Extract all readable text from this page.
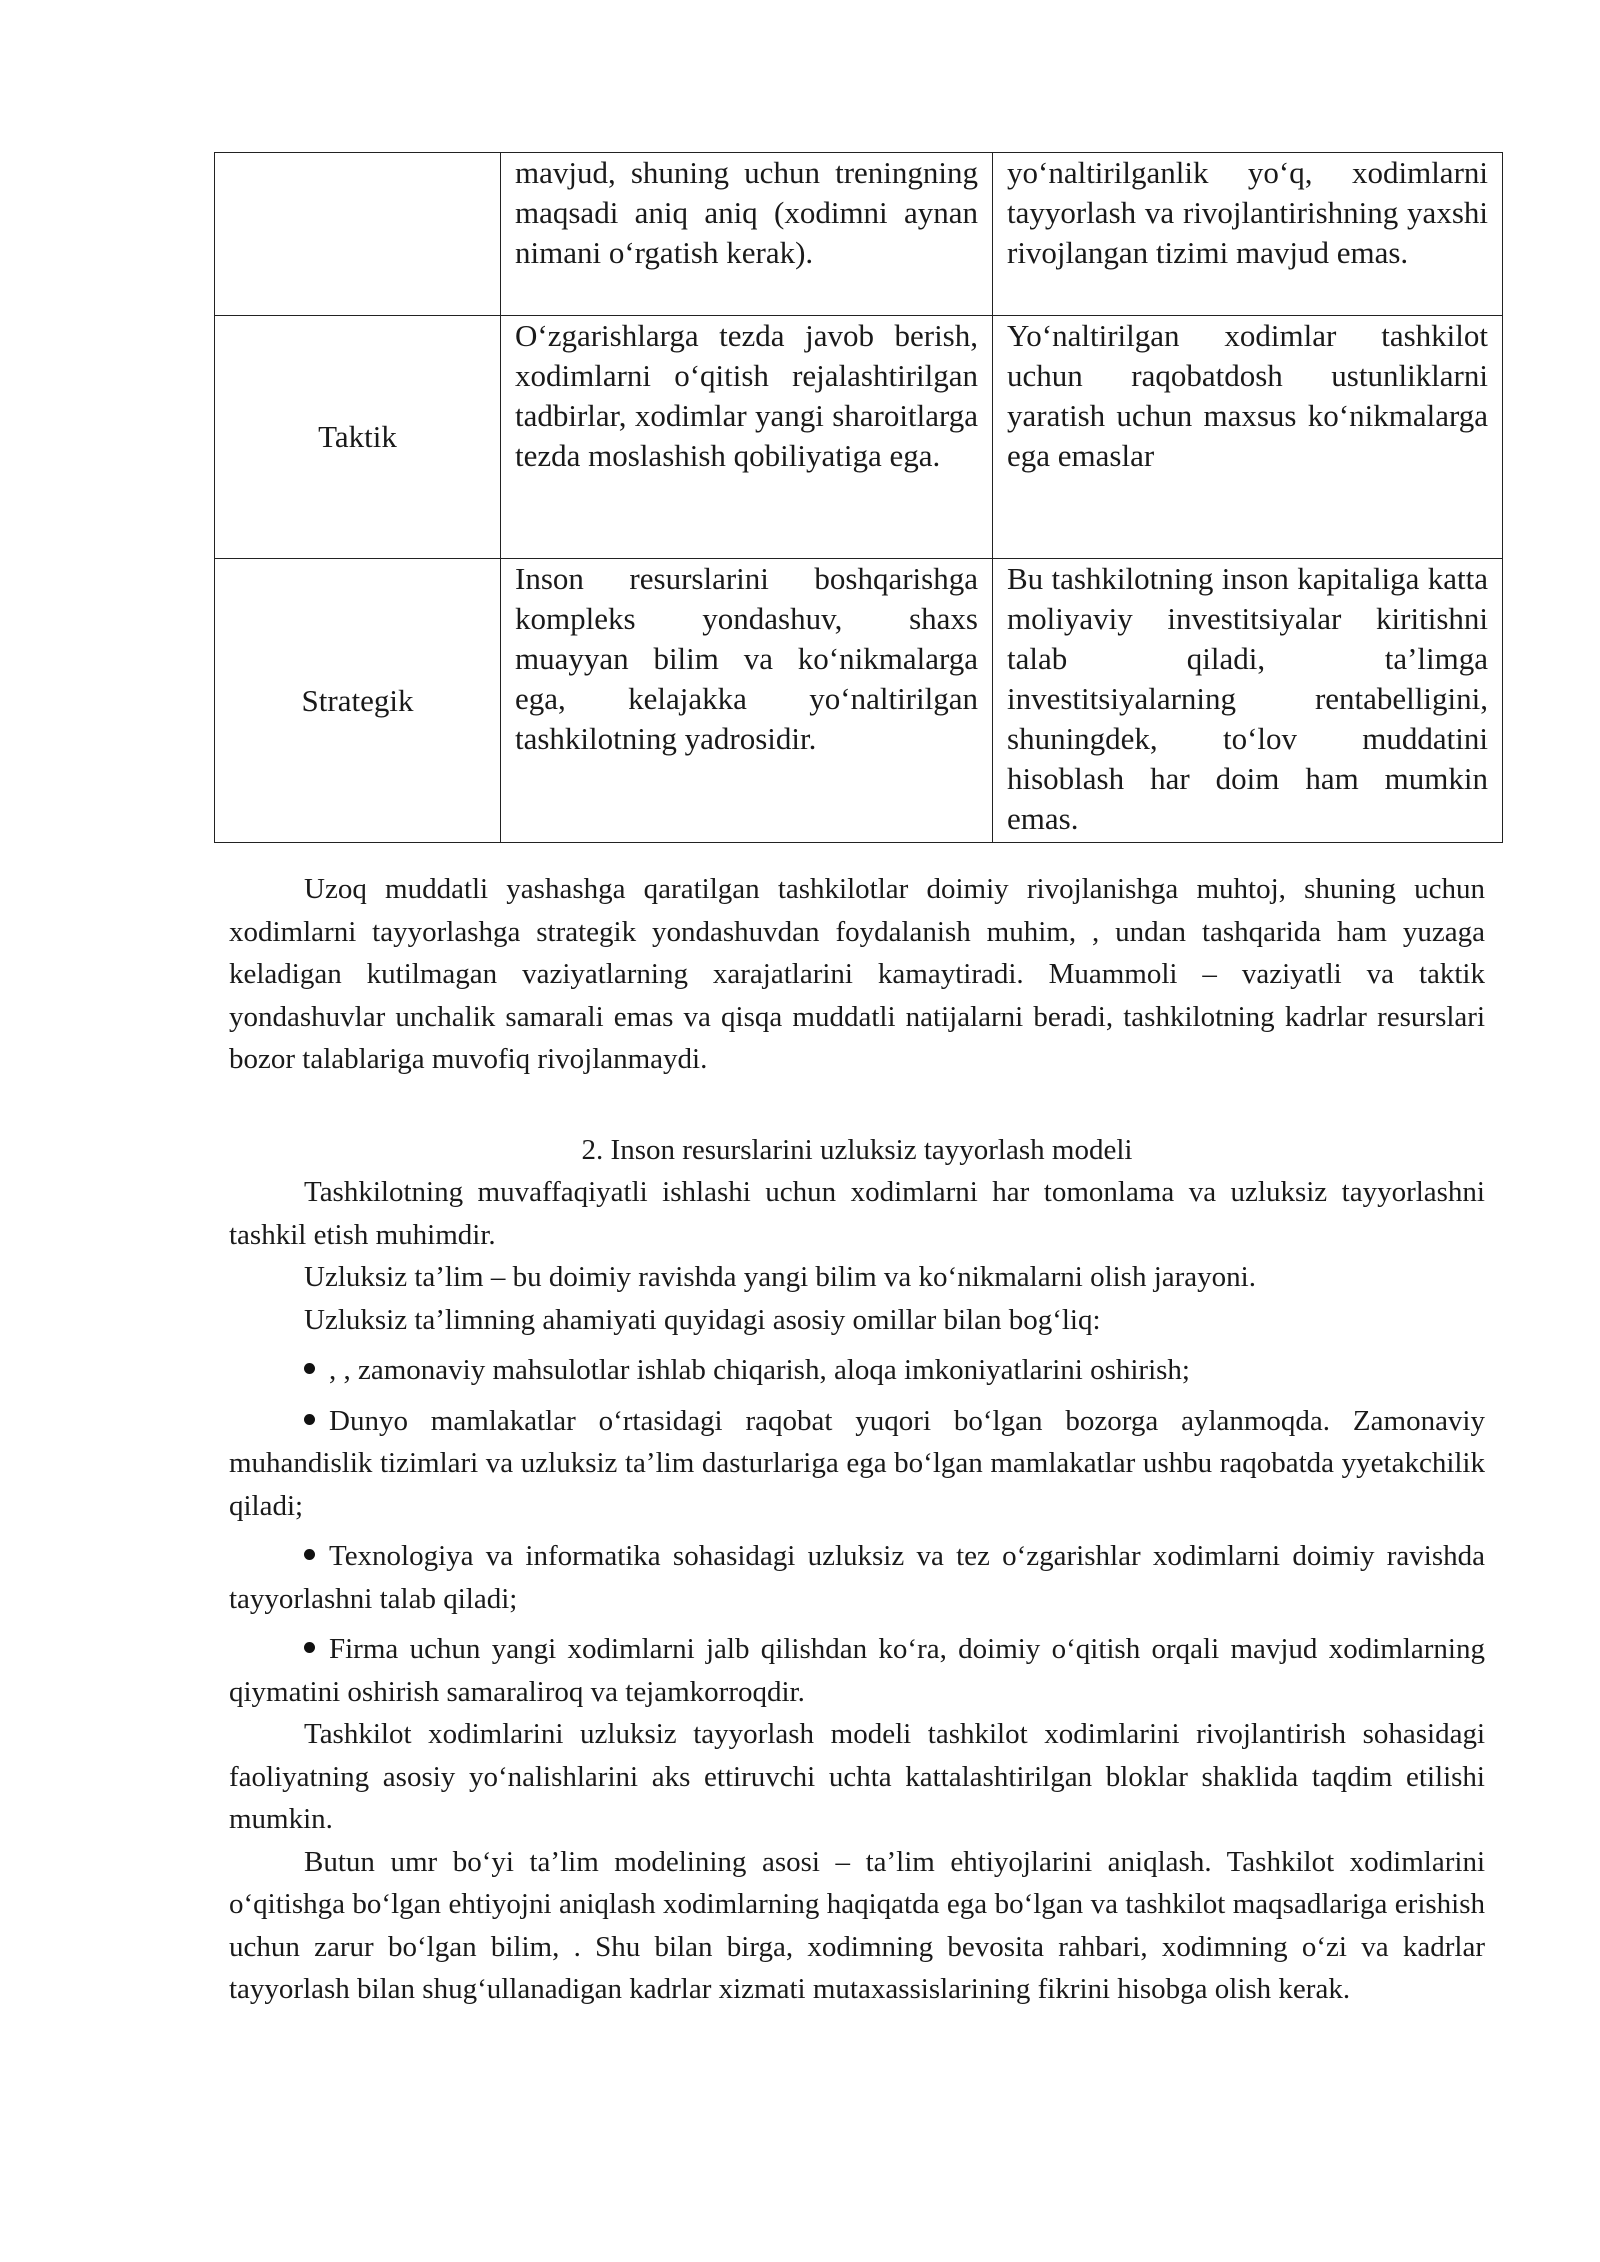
	mavjud, shuning uchun treningning maqsadi aniq aniq (xodimni aynan nimani o‘rgatish kerak).	yo‘naltirilganlik yo‘q, xodimlarni tayyorlash va rivojlantirishning yaxshi rivojlangan tizimi mavjud emas.
Taktik	O‘zgarishlarga tezda javob berish, xodimlarni o‘qitish rejalashtirilgan tadbirlar, xodimlar yangi sharoitlarga tezda moslashish qobiliyatiga ega.	Yo‘naltirilgan xodimlar tashkilot uchun raqobatdosh ustunliklarni yaratish uchun maxsus ko‘nikmalarga ega emaslar
Strategik	Inson resurslarini boshqarishga kompleks yondashuv, shaxs muayyan bilim va ko‘nikmalarga ega, kelajakka yo‘naltirilgan tashkilotning yadrosidir.	Bu tashkilotning inson kapitaliga katta moliyaviy investitsiyalar kiritishni talab qiladi, ta’limga investitsiyalarning rentabelligini, shuningdek, to‘lov muddatini hisoblash har doim ham mumkin emas.

Uzoq muddatli yashashga qaratilgan tashkilotlar doimiy rivojlanishga muhtoj, shuning uchun xodimlarni tayyorlashga strategik yondashuvdan foydalanish muhim, , undan tashqarida ham yuzaga keladigan kutilmagan vaziyatlarning xarajatlarini kamaytiradi. Muammoli – vaziyatli va taktik yondashuvlar unchalik samarali emas va qisqa muddatli natijalarni beradi, tashkilotning kadrlar resurslari bozor talablariga muvofiq rivojlanmaydi.

2. Inson resurslarini uzluksiz tayyorlash modeli

Tashkilotning muvaffaqiyatli ishlashi uchun xodimlarni har tomonlama va uzluksiz tayyorlashni tashkil etish muhimdir.

Uzluksiz ta’lim – bu doimiy ravishda yangi bilim va ko‘nikmalarni olish jarayoni.

Uzluksiz ta’limning ahamiyati quyidagi asosiy omillar bilan bog‘liq:

, , zamonaviy mahsulotlar ishlab chiqarish, aloqa imkoniyatlarini oshirish;

Dunyo mamlakatlar o‘rtasidagi raqobat yuqori bo‘lgan bozorga aylanmoqda. Zamonaviy muhandislik tizimlari va uzluksiz ta’lim dasturlariga ega bo‘lgan mamlakatlar ushbu raqobatda yyetakchilik qiladi;

Texnologiya va informatika sohasidagi uzluksiz va tez o‘zgarishlar xodimlarni doimiy ravishda tayyorlashni talab qiladi;

Firma uchun yangi xodimlarni jalb qilishdan ko‘ra, doimiy o‘qitish orqali mavjud xodimlarning qiymatini oshirish samaraliroq va tejamkorroqdir.

Tashkilot xodimlarini uzluksiz tayyorlash modeli tashkilot xodimlarini rivojlantirish sohasidagi faoliyatning asosiy yo‘nalishlarini aks ettiruvchi uchta kattalashtirilgan bloklar shaklida taqdim etilishi mumkin.

Butun umr bo‘yi ta’lim modelining asosi – ta’lim ehtiyojlarini aniqlash. Tashkilot xodimlarini o‘qitishga bo‘lgan ehtiyojni aniqlash xodimlarning haqiqatda ega bo‘lgan va tashkilot maqsadlariga erishish uchun zarur bo‘lgan bilim, . Shu bilan birga, xodimning bevosita rahbari, xodimning o‘zi va kadrlar tayyorlash bilan shug‘ullanadigan kadrlar xizmati mutaxassislarining fikrini hisobga olish kerak.
